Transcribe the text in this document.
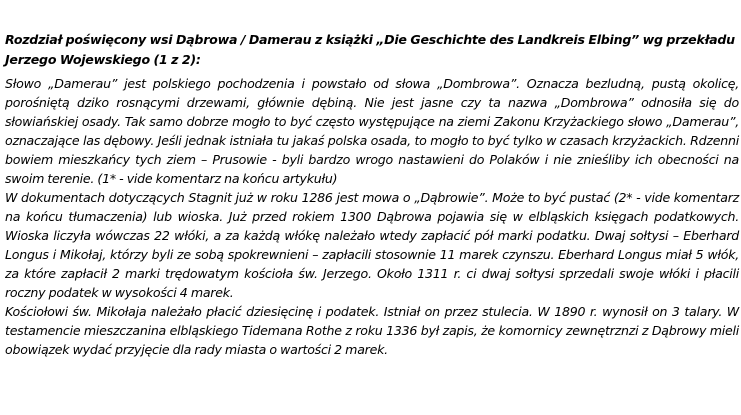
Rozdział poświęcony wsi Dąbrowa / Damerau z książki „Die Geschichte des Landkreis Elbing” wg przekładu
Jerzego Wojewskiego (1 z 2):

Słowo „Damerau” jest polskiego pochodzenia i powstało od słowa „Dombrowa”. Oznacza bezludną, pustą okolicę, porośniętą dziko rosnącymi drzewami, głównie dębiną. Nie jest jasne czy ta nazwa „Dombrowa” odnosiła się do słowiańskiej osady. Tak samo dobrze mogło to być często występujące na ziemi Zakonu Krzyżackiego słowo „Damerau”, oznaczające las dębowy. Jeśli jednak istniała tu jakaś polska osada, to mogło to być tylko w czasach krzyżackich. Rdzenni bowiem mieszkańcy tych ziem – Prusowie - byli bardzo wrogo nastawieni do Polaków i nie znieśliby ich obecności na swoim terenie. (1* - vide komentarz na końcu artykułu)

W dokumentach dotyczących Stagnit już w roku 1286 jest mowa o „Dąbrowie”. Może to być pustać (2* - vide komentarz na końcu tłumaczenia) lub wioska. Już przed rokiem 1300 Dąbrowa pojawia się w elbląskich księgach podatkowych. Wioska liczyła wówczas 22 włóki, a za każdą włókę należało wtedy zapłacić pół marki podatku. Dwaj sołtysi – Eberhard Longus i Mikołaj, którzy byli ze sobą spokrewnieni – zapłacili stosownie 11 marek czynszu. Eberhard Longus miał 5 włók, za które zapłacił 2 marki trędowatym kościoła św. Jerzego. Około 1311 r. ci dwaj sołtysi sprzedali swoje włóki i płacili roczny podatek w wysokości 4 marek.

Kościołowi św. Mikołaja należało płacić dziesięcinę i podatek. Istniał on przez stulecia. W 1890 r. wynosił on 3 talary. W testamencie mieszczanina elbląskiego Tidemana Rothe z roku 1336 był zapis, że komornicy zewnętrznzi z Dąbrowy mieli obowiązek wydać przyjęcie dla rady miasta o wartości 2 marek.
